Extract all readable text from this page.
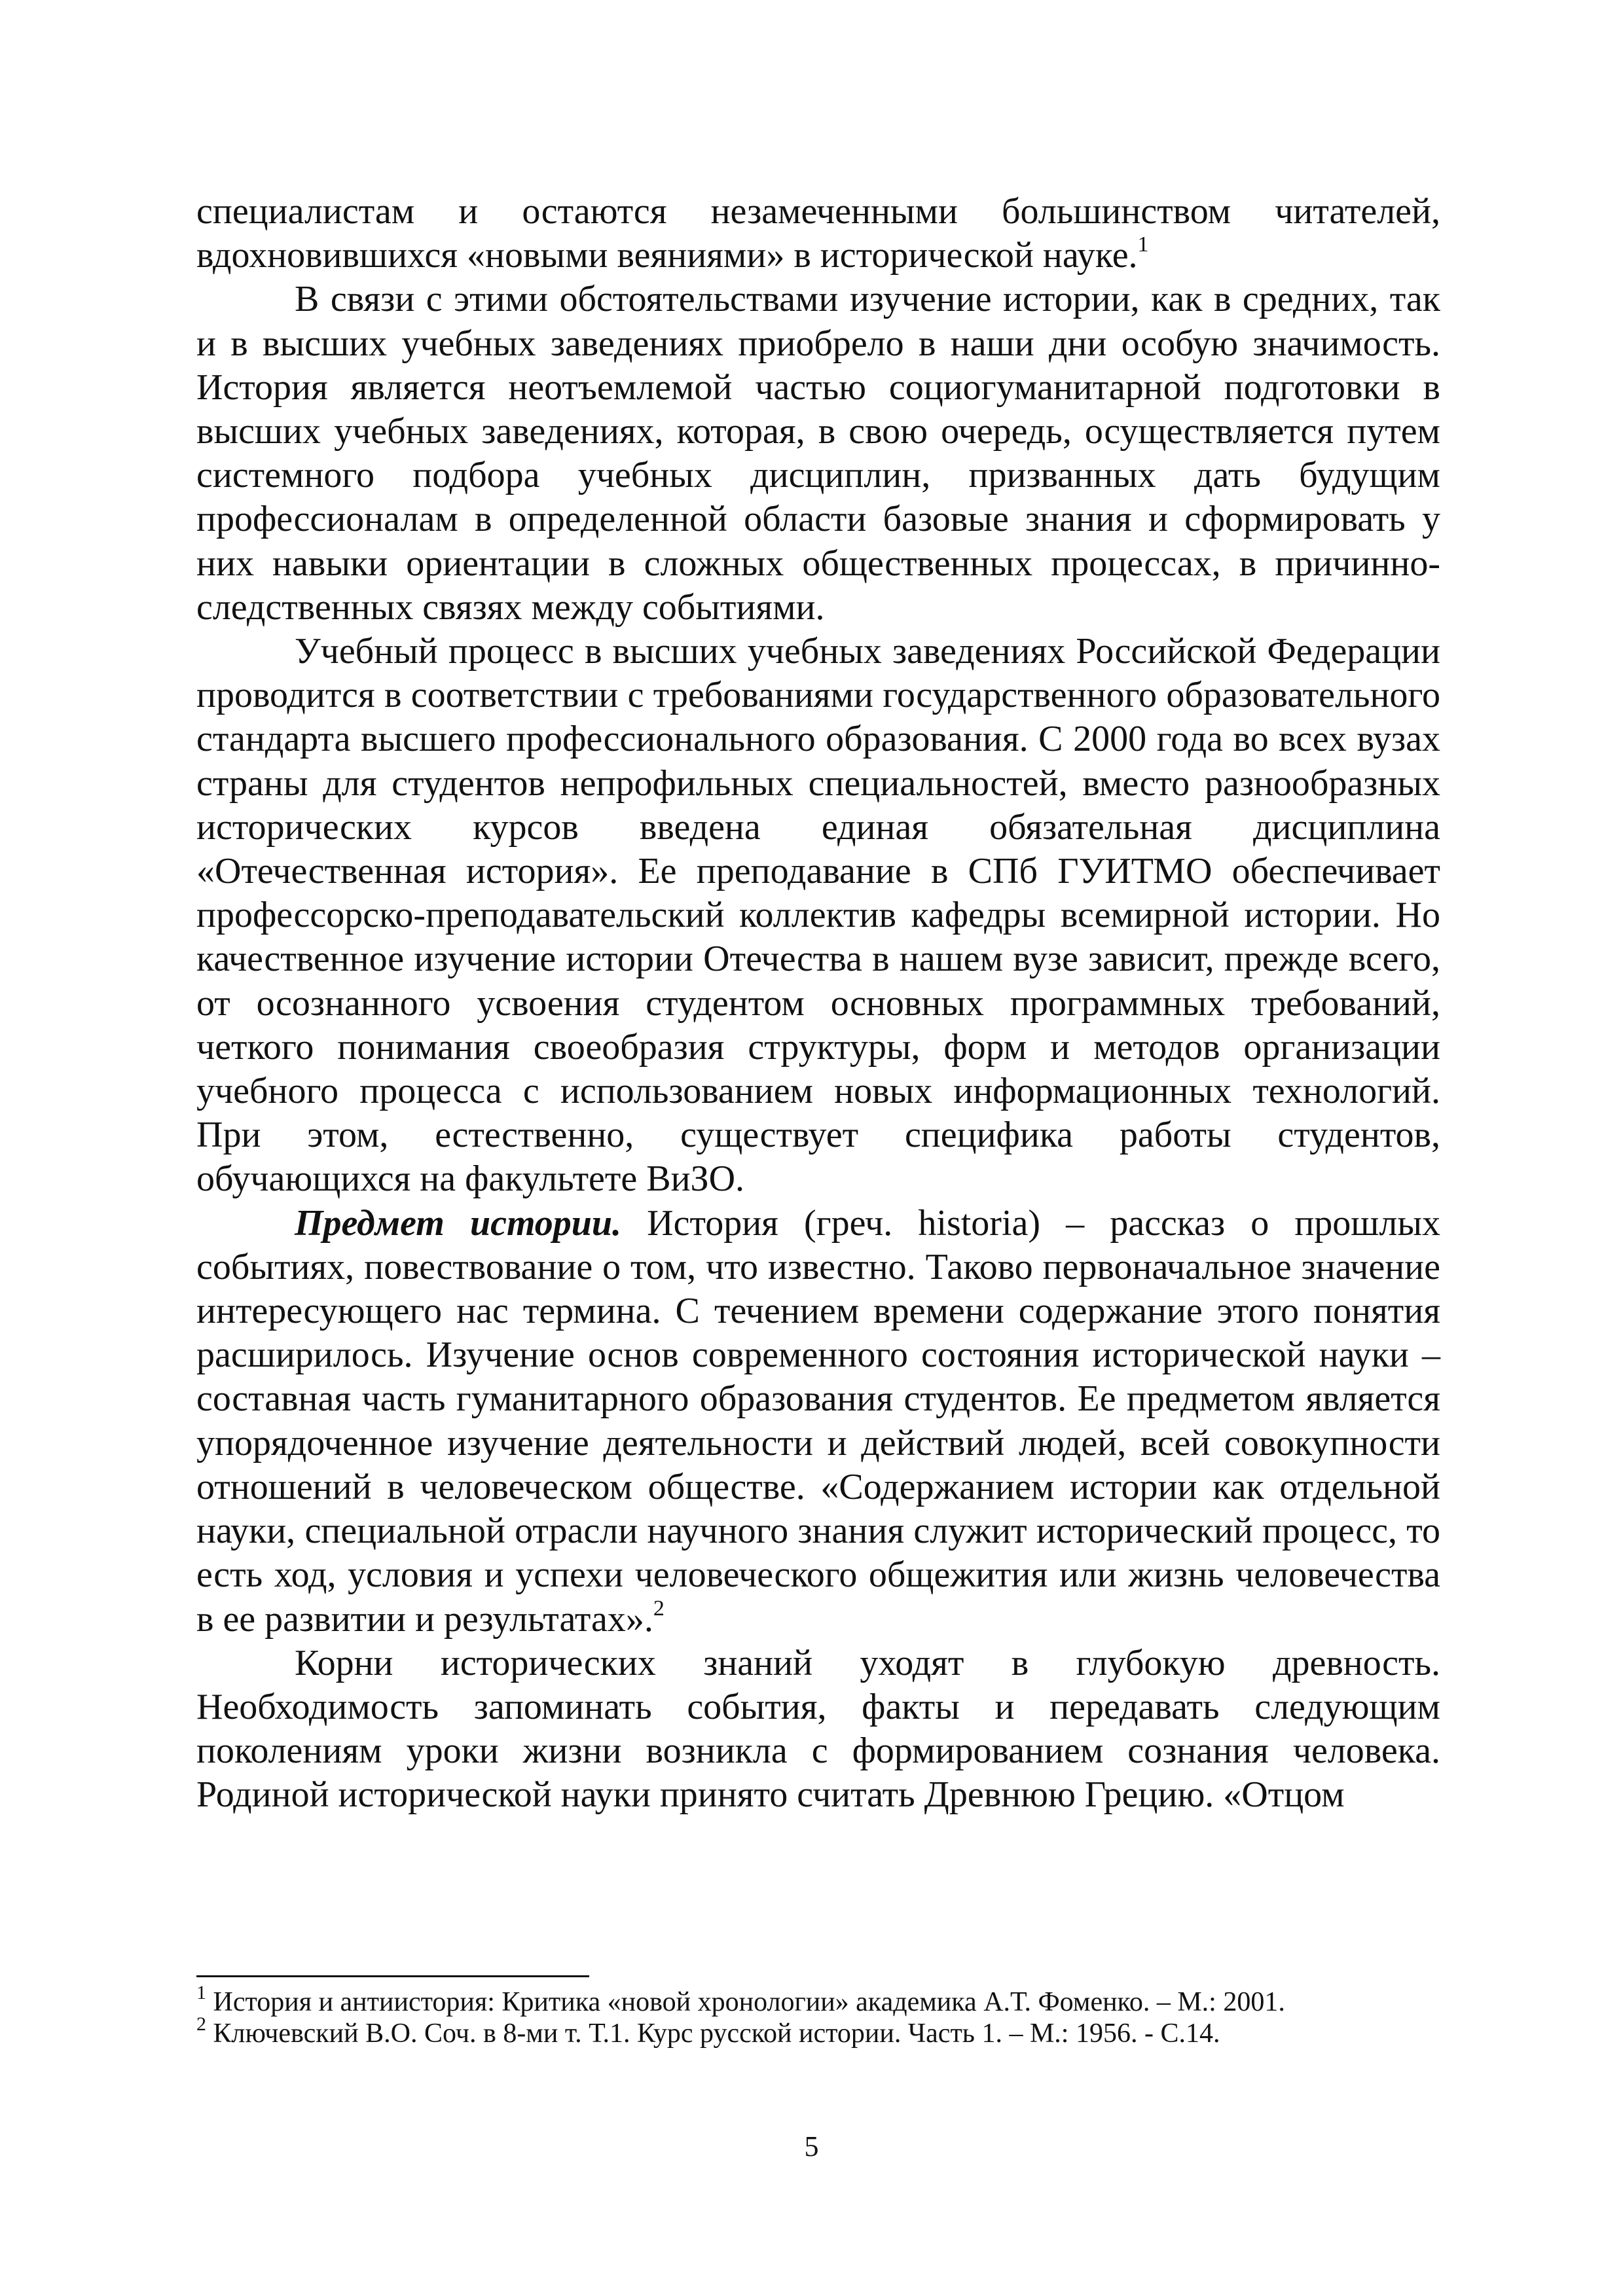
специалистам и остаются незамеченными большинством читателей, вдохновившихся «новыми веяниями» в исторической науке.$^1$

В связи с этими обстоятельствами изучение истории, как в средних, так и в высших учебных заведениях приобрело в наши дни особую значимость. История является неотъемлемой частью социогуманитарной подготовки в высших учебных заведениях, которая, в свою очередь, осуществляется путем системного подбора учебных дисциплин, призванных дать будущим профессионалам в определенной области базовые знания и сформировать у них навыки ориентации в сложных общественных процессах, в причинно-следственных связях между событиями.

Учебный процесс в высших учебных заведениях Российской Федерации проводится в соответствии с требованиями государственного образовательного стандарта высшего профессионального образования. С 2000 года во всех вузах страны для студентов непрофильных специальностей, вместо разнообразных исторических курсов введена единая обязательная дисциплина «Отечественная история». Ее преподавание в СПб ГУИТМО обеспечивает профессорско-преподавательский коллектив кафедры всемирной истории. Но качественное изучение истории Отечества в нашем вузе зависит, прежде всего, от осознанного усвоения студентом основных программных требований, четкого понимания своеобразия структуры, форм и методов организации учебного процесса с использованием новых информационных технологий. При этом, естественно, существует специфика работы студентов, обучающихся на факультете ВиЗО.

Предмет истории. История (греч. historia) – рассказ о прошлых событиях, повествование о том, что известно. Таково первоначальное значение интересующего нас термина. С течением времени содержание этого понятия расширилось. Изучение основ современного состояния исторической науки – составная часть гуманитарного образования студентов. Ее предметом является упорядоченное изучение деятельности и действий людей, всей совокупности отношений в человеческом обществе. «Содержанием истории как отдельной науки, специальной отрасли научного знания служит исторический процесс, то есть ход, условия и успехи человеческого общежития или жизнь человечества в ее развитии и результатах».$^2$

Корни исторических знаний уходят в глубокую древность. Необходимость запоминать события, факты и передавать следующим поколениям уроки жизни возникла с формированием сознания человека. Родиной исторической науки принято считать Древнюю Грецию. «Отцом

$^1$ История и антиистория: Критика «новой хронологии» академика А.Т. Фоменко. – М.: 2001.

$^2$ Ключевский В.О. Соч. в 8-ми т. Т.1. Курс русской истории. Часть 1. – М.: 1956. - С.14.

5
